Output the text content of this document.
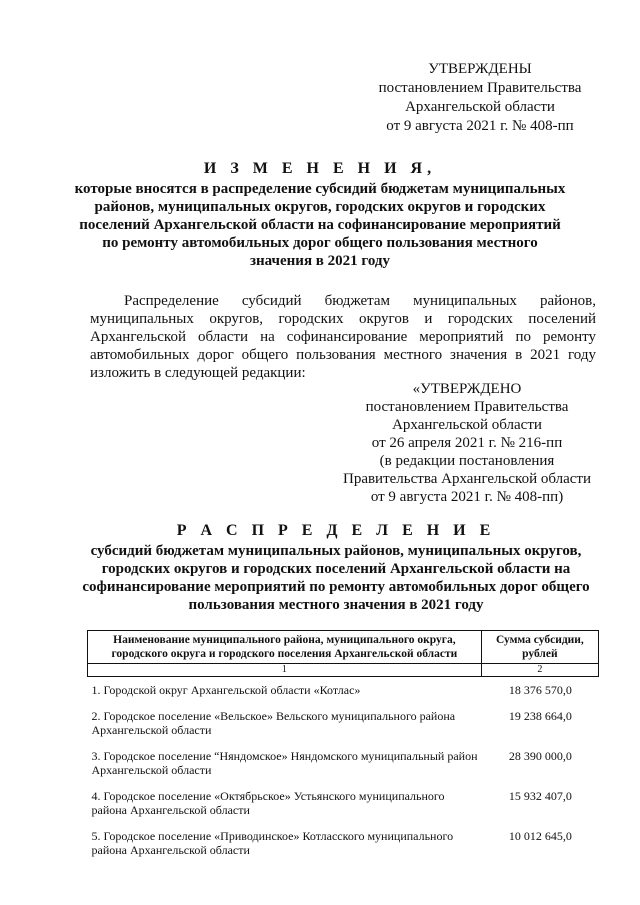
УТВЕРЖДЕНЫ
постановлением Правительства
Архангельской области
от 9 августа 2021 г. № 408-пп
И З М Е Н Е Н И Я,
которые вносятся в распределение субсидий бюджетам муниципальных районов, муниципальных округов, городских округов и городских поселений Архангельской области на софинансирование мероприятий по ремонту автомобильных дорог общего пользования местного значения в 2021 году

Распределение субсидий бюджетам муниципальных районов, муниципальных округов, городских округов и городских поселений Архангельской области на софинансирование мероприятий по ремонту автомобильных дорог общего пользования местного значения в 2021 году изложить в следующей редакции:

«УТВЕРЖДЕНО
постановлением Правительства
Архангельской области
от 26 апреля 2021 г. № 216-пп
(в редакции постановления
Правительства Архангельской области
от 9 августа 2021 г. № 408-пп)
Р А С П Р Е Д Е Л Е Н И Е
субсидий бюджетам муниципальных районов, муниципальных округов, городских округов и городских поселений Архангельской области на софинансирование мероприятий по ремонту автомобильных дорог общего пользования местного значения в 2021 году
Наименование муниципального района, муниципального округа, городского округа и городского поселения Архангельской области	Сумма субсидии, рублей
1	2
1. Городской округ Архангельской области «Котлас»	18 376 570,0
2. Городское поселение «Вельское» Вельского муниципального района Архангельской области	19 238 664,0
3. Городское поселение “Няндомское» Няндомского муниципальный район Архангельской области	28 390 000,0
4. Городское поселение «Октябрьское» Устьянского муниципального района Архангельской области	15 932 407,0
5. Городское поселение «Приводинское» Котласского муниципального района Архангельской области	10 012 645,0
